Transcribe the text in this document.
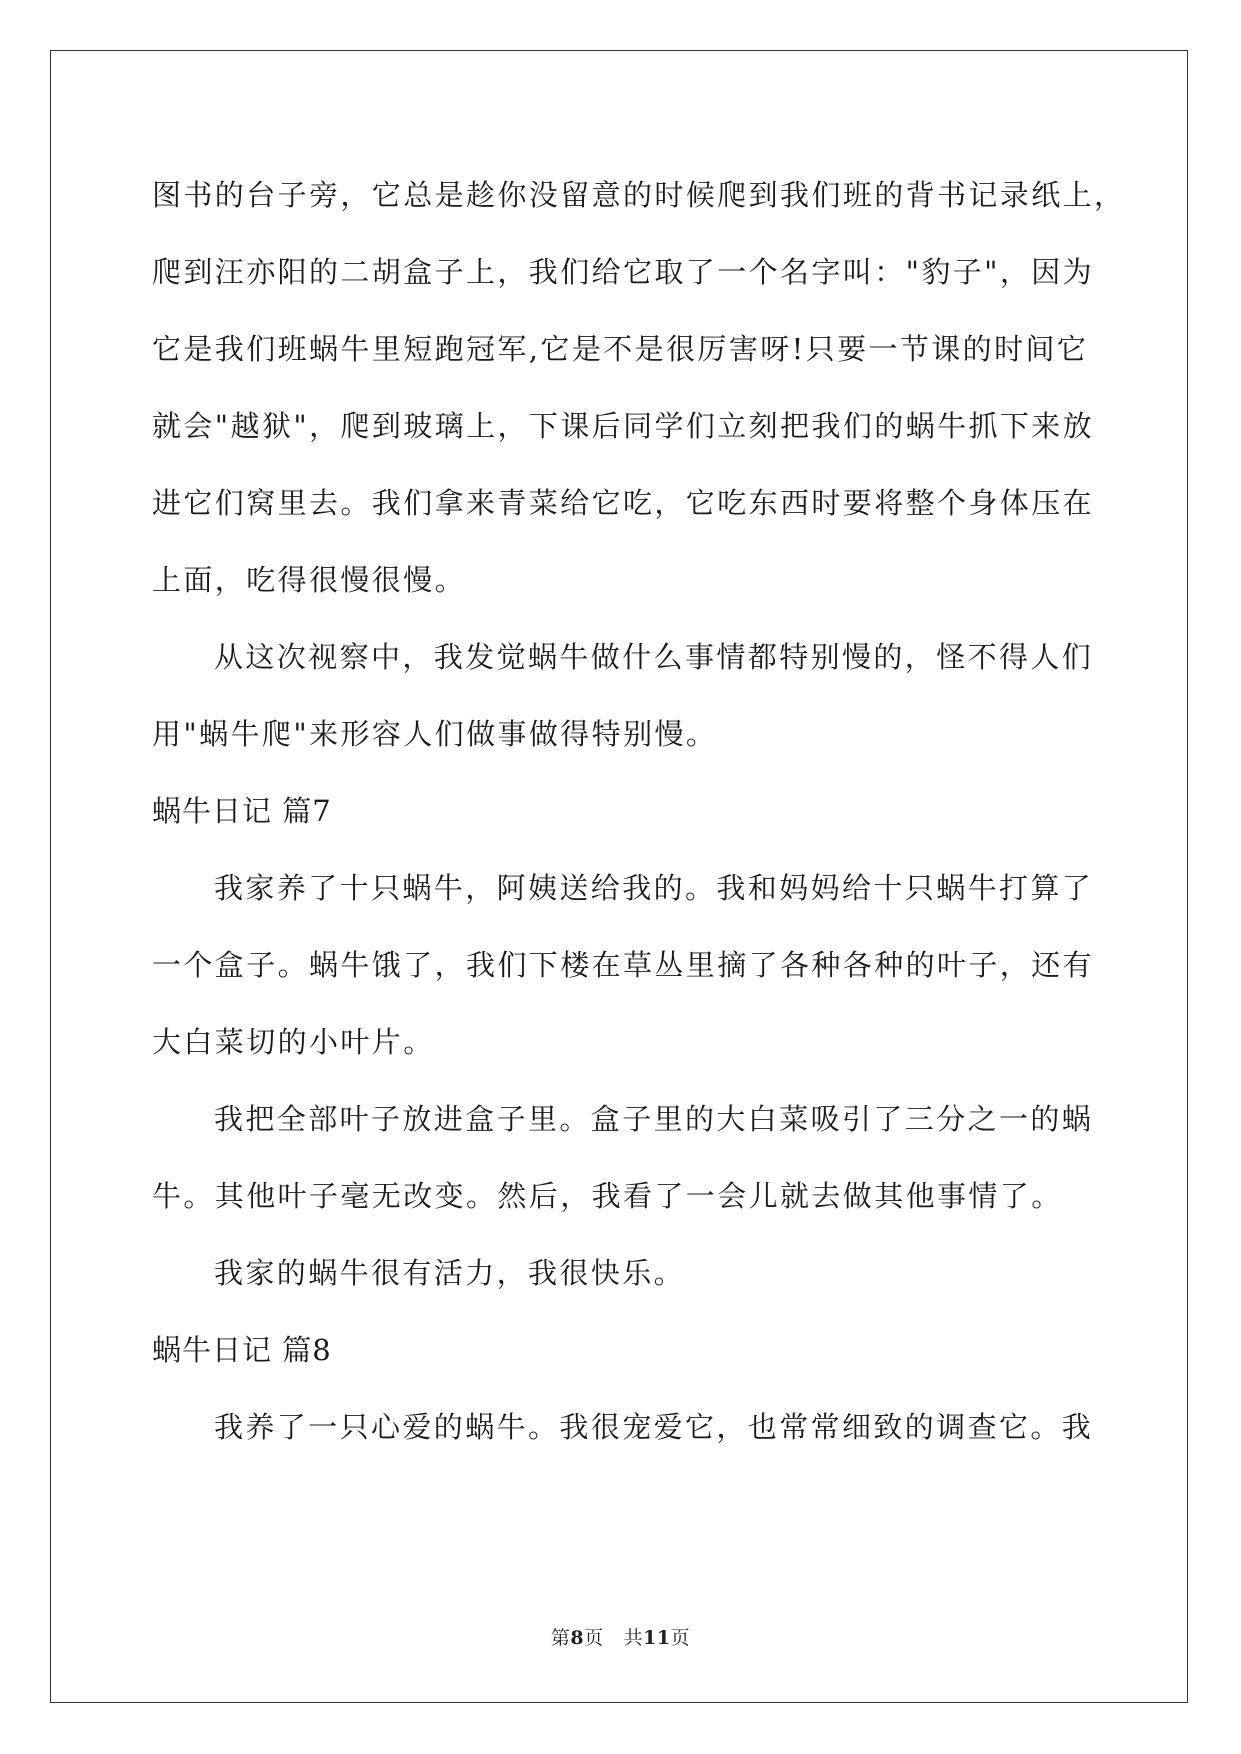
图书的台子旁，它总是趁你没留意的时候爬到我们班的背书记录纸上，
爬到汪亦阳的二胡盒子上，我们给它取了一个名字叫："豹子"，因为
它是我们班蜗牛里短跑冠军,它是不是很厉害呀!只要一节课的时间它
就会"越狱"，爬到玻璃上，下课后同学们立刻把我们的蜗牛抓下来放
进它们窝里去。我们拿来青菜给它吃，它吃东西时要将整个身体压在
上面，吃得很慢很慢。
从这次视察中，我发觉蜗牛做什么事情都特别慢的，怪不得人们
用"蜗牛爬"来形容人们做事做得特别慢。
蜗牛日记 篇7
我家养了十只蜗牛，阿姨送给我的。我和妈妈给十只蜗牛打算了
一个盒子。蜗牛饿了，我们下楼在草丛里摘了各种各种的叶子，还有
大白菜切的小叶片。
我把全部叶子放进盒子里。盒子里的大白菜吸引了三分之一的蜗
牛。其他叶子毫无改变。然后，我看了一会儿就去做其他事情了。
我家的蜗牛很有活力，我很快乐。
蜗牛日记 篇8
我养了一只心爱的蜗牛。我很宠爱它，也常常细致的调查它。我
第8页 共11页
